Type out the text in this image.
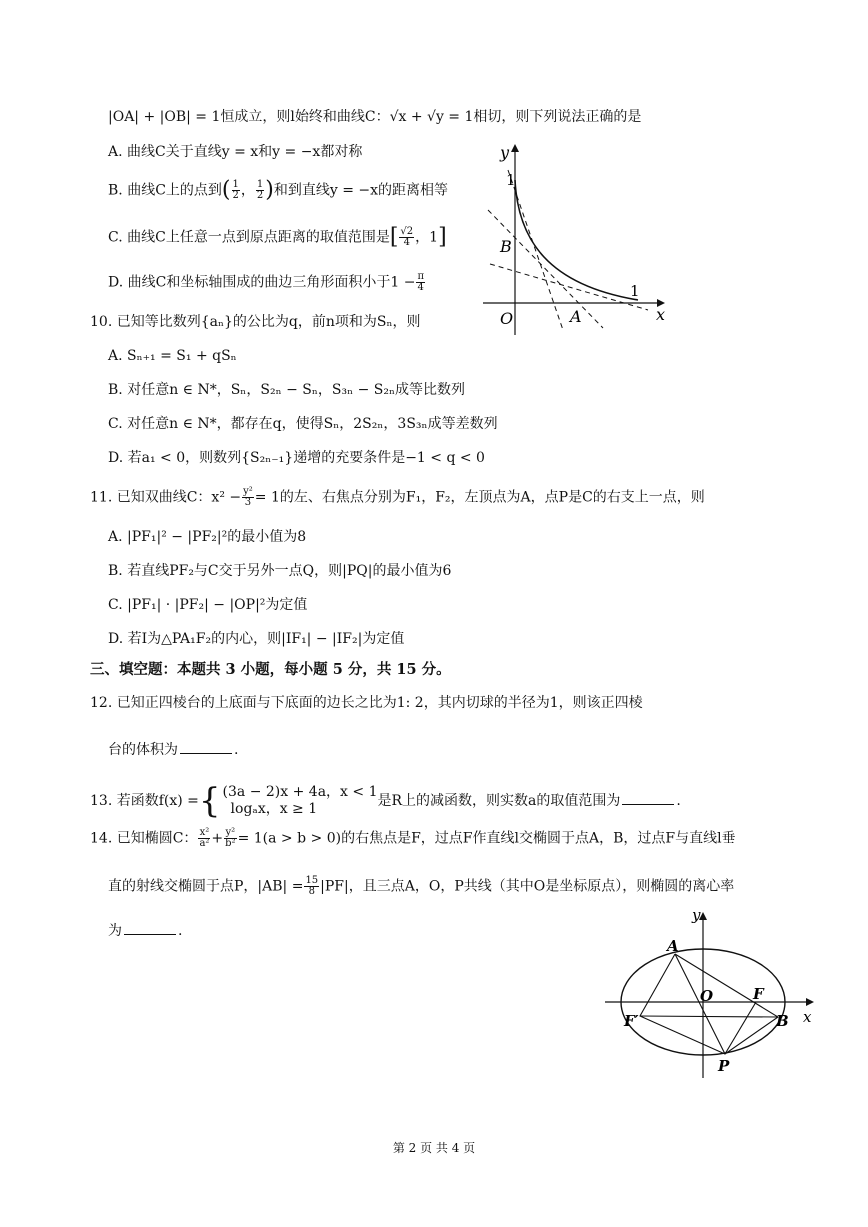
|OA| + |OB| = 1恒成立，则l始终和曲线C：√x + √y = 1相切，则下列说法正确的是
A. 曲线C关于直线y = x和y = −x都对称
B. 曲线C上的点到( $\frac{1}{2}$ ， $\frac{1}{2}$ )和到直线y = −x的距离相等
C. 曲线C上任意一点到原点距离的取值范围是[ $\frac{√2}{4}$ ，1]
D. 曲线C和坐标轴围成的曲边三角形面积小于$1 - \frac{\pi}{4}$
y
x
O	A
B
1
1
10. 已知等比数列{aₙ}的公比为q，前n项和为Sₙ，则
A. Sₙ₊₁ = S₁ + qSₙ
B. 对任意n ∈ N*，Sₙ，S₂ₙ − Sₙ，S₃ₙ − S₂ₙ成等比数列
C. 对任意n ∈ N*，都存在q，使得Sₙ，2S₂ₙ，3S₃ₙ成等差数列
D. 若a₁ < 0，则数列{S₂ₙ₋₁}递增的充要条件是−1 < q < 0
11. 已知双曲线C：$x^2 - \frac{\text{y²}}{3} = 1$的左、右焦点分别为F₁，F₂，左顶点为A，点P是C的右支上一点，则
A. |PF₁|² − |PF₂|²的最小值为8
B. 若直线PF₂与C交于另外一点Q，则|PQ|的最小值为6
C. |PF₁| · |PF₂| − |OP|²为定值
D. 若I为△PA₁F₂的内心，则|IF₁| − |IF₂|为定值
三、填空题：本题共 3 小题，每小题 5 分，共 15 分。
12. 已知正四棱台的上底面与下底面的边长之比为1: 2，其内切球的半径为1，则该正四棱
台的体积为	.
13. 若函数f(x) ={ (3a − 2)x + 4a，x < 1
logₐx，x ≥ 1	是R上的减函数，则实数a的取值范围为	.
14. 已知椭圆C： $\frac{\text{x²}}{\text{a²}} + \frac{\text{y²}}{\text{b²}} = 1(a > b > 0)$的右焦点是F，过点F作直线l交椭圆于点A，B，过点F与直线l垂
直的射线交椭圆于点P，$|AB| = \frac{15}{8} |PF|$，且三点A，O，P共线（其中O是坐标原点），则椭圆的离心率
为	.
y
x
O
A
F
F′	B
P
第 2 页 共 4 页
